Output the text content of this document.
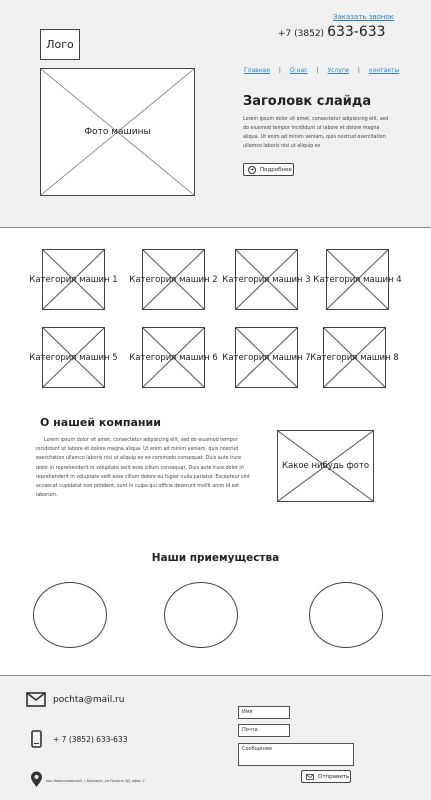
Лого
Заказать звонок
+7 (3852) 633-633
Главная | О нас | Услуги | контакты
Фото машины
Заголовк слайда
Lorem ipsum dolor sit amet, consectetur adipisicing elit, sed do eiusmod tempor incididunt ut labore et dolore magna aliqua. Ut enim ad minim veniam, quis nostrud exercitation ullamco laboris nisi ut aliquip ex
➔	Подробнее
Категория машин 1 Категория машин 2 Категория машин 3 Категория машин 4
Категория машин 5 Категория машин 6 Категория машин 7 Категория машин 8
О нашей компании
Lorem ipsum dolor sit amet, consectetur adipisicing elit, sed do eiusmod tempor incididunt ut labore et dolore magna aliqua. Ut enim ad minim veniam, quis nostrud exercitation ullamco laboris nisi ut aliquip ex ea commodo consequat. Duis aute irure dolor in reprehenderit in voluptate velit esse cillum consequat. Duis aute irure dolor in reprehenderit in voluptate velit esse cillum dolore eu fugiat nulla pariatur. Excepteur sint occaecat cupidatat non proident, sunt in culpa qui officia deserunt mollit anim id est laborum.
Какое нибудь фото
Наши приемущества
pochta@mail.ru
+ 7 (3852) 633-633
пос.Новосиловский, г.Барнаул, ул.Полина 3Д, офис 2
Имя
Почта
Сообщение
Отправить
